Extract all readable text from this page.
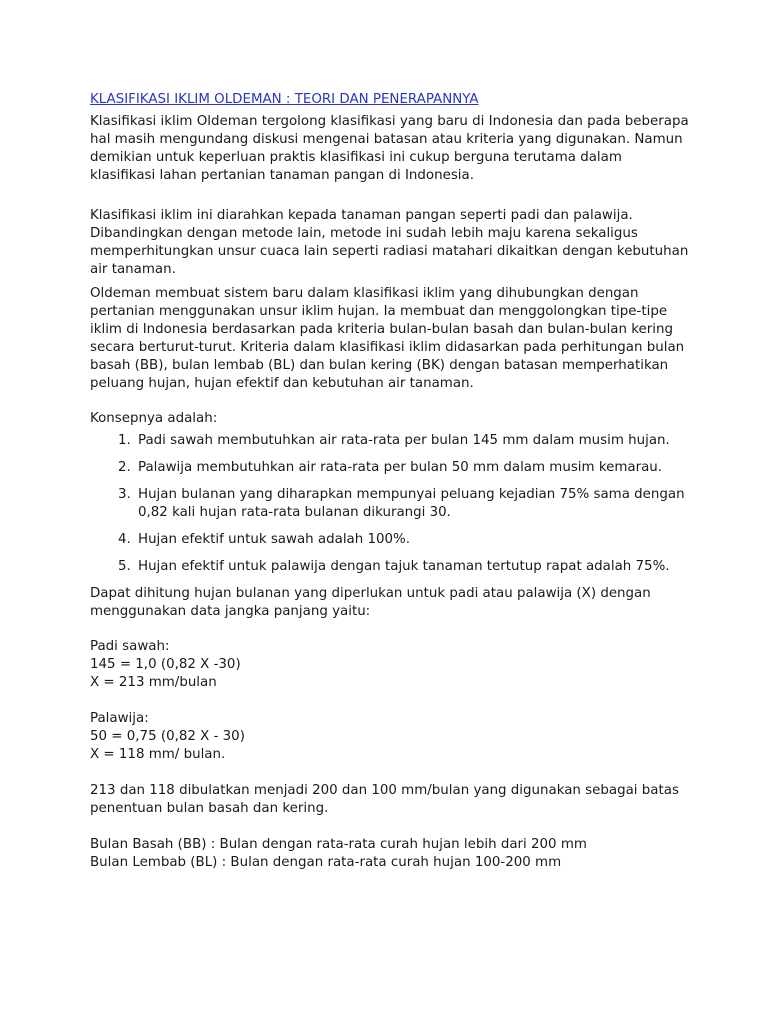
KLASIFIKASI IKLIM OLDEMAN : TEORI DAN PENERAPANNYA

Klasifikasi iklim Oldeman tergolong klasifikasi yang baru di Indonesia dan pada beberapa hal masih mengundang diskusi mengenai batasan atau kriteria yang digunakan. Namun demikian untuk keperluan praktis klasifikasi ini cukup berguna terutama dalam klasifikasi lahan pertanian tanaman pangan di Indonesia.

Klasifikasi iklim ini diarahkan kepada tanaman pangan seperti padi dan palawija. Dibandingkan dengan metode lain, metode ini sudah lebih maju karena sekaligus memperhitungkan unsur cuaca lain seperti radiasi matahari dikaitkan dengan kebutuhan air tanaman.

Oldeman membuat sistem baru dalam klasifikasi iklim yang dihubungkan dengan pertanian menggunakan unsur iklim hujan. Ia membuat dan menggolongkan tipe-tipe iklim di Indonesia berdasarkan pada kriteria bulan-bulan basah dan bulan-bulan kering secara berturut-turut. Kriteria dalam klasifikasi iklim didasarkan pada perhitungan bulan basah (BB), bulan lembab (BL) dan bulan kering (BK) dengan batasan memperhatikan peluang hujan, hujan efektif dan kebutuhan air tanaman.

Konsepnya adalah:

1. Padi sawah membutuhkan air rata-rata per bulan 145 mm dalam musim hujan.
2. Palawija membutuhkan air rata-rata per bulan 50 mm dalam musim kemarau.
3. Hujan bulanan yang diharapkan mempunyai peluang kejadian 75% sama dengan 0,82 kali hujan rata-rata bulanan dikurangi 30.
4. Hujan efektif untuk sawah adalah 100%.
5. Hujan efektif untuk palawija dengan tajuk tanaman tertutup rapat adalah 75%.

Dapat dihitung hujan bulanan yang diperlukan untuk padi atau palawija (X) dengan menggunakan data jangka panjang yaitu:

Padi sawah:
145 = 1,0 (0,82 X -30)
X = 213 mm/bulan
Palawija:
50 = 0,75 (0,82 X - 30)
X = 118 mm/ bulan.

213 dan 118 dibulatkan menjadi 200 dan 100 mm/bulan yang digunakan sebagai batas penentuan bulan basah dan kering.

Bulan Basah (BB) : Bulan dengan rata-rata curah hujan lebih dari 200 mm
Bulan Lembab (BL) : Bulan dengan rata-rata curah hujan 100-200 mm
